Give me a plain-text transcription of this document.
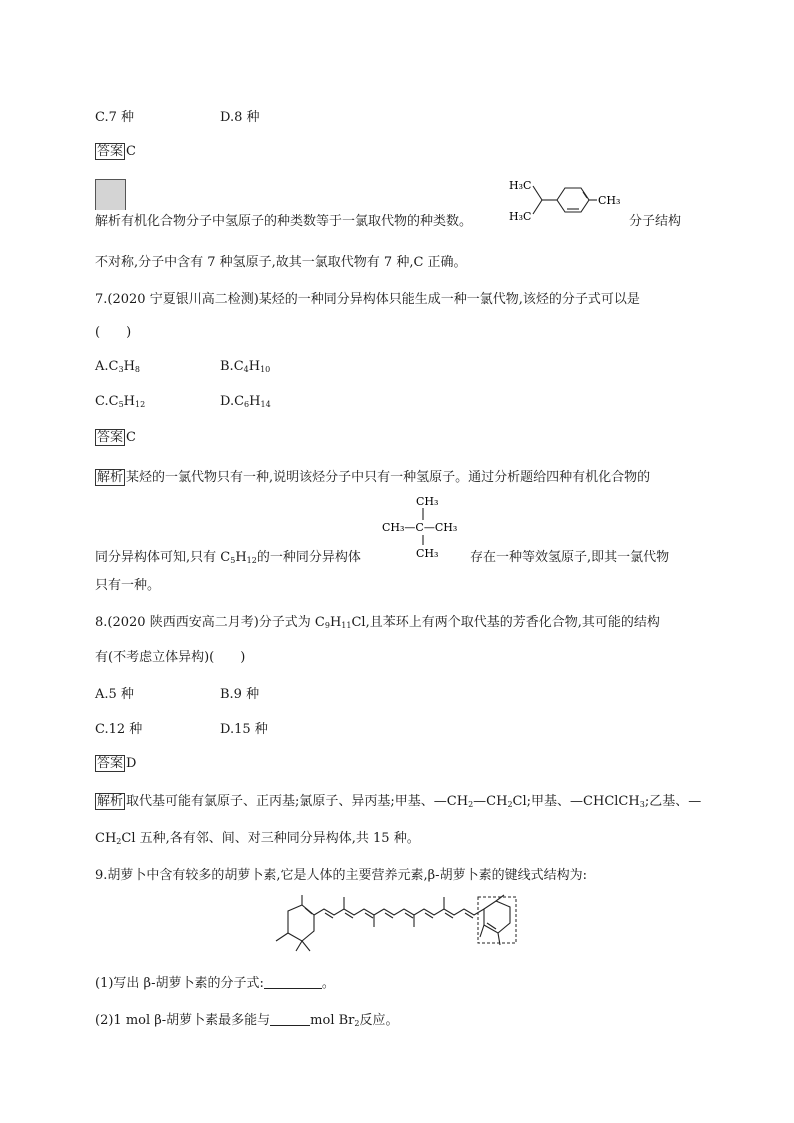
C.7 种	D.8 种
答案 C
解析有机化合物分子中氢原子的种类数等于一氯取代物的种类数。
H₃C
H₃C
CH₃
分子结构
不对称,分子中含有 7 种氢原子,故其一氯取代物有 7 种,C 正确。
7.(2020 宁夏银川高二检测)某烃的一种同分异构体只能生成一种一氯代物,该烃的分子式可以是
(　　)
$A.C_3H_8$	$B.C_4H_{10}$
$C.C_5H_{12}$	$D.C_6H_{14}$
答案 C
解析 某烃的一氯代物只有一种,说明该烃分子中只有一种氢原子。通过分析题给四种有机化合物的
CH₃
CH₃—C—CH₃
CH₃
同分异构体可知,只有 $C_5H_{12}$的一种同分异构体	存在一种等效氢原子,即其一氯代物
只有一种。
8.(2020 陕西西安高二月考)分子式为 $C_9H_{11}Cl$,且苯环上有两个取代基的芳香化合物,其可能的结构
有(不考虑立体异构)(　　)
A.5 种	B.9 种
C.12 种	D.15 种
答案 D
解析 取代基可能有氯原子、正丙基;氯原子、异丙基;甲基、$—CH_2—CH_2Cl$;甲基、—CHClCH$_3$;乙基、—
$CH_2Cl$ 五种,各有邻、间、对三种同分异构体,共 15 种。
9.胡萝卜中含有较多的胡萝卜素,它是人体的主要营养元素,β-胡萝卜素的键线式结构为:
(1)写出 β-胡萝卜素的分子式:	。
(2)1 mol β-胡萝卜素最多能与	mol $Br_2$反应。
